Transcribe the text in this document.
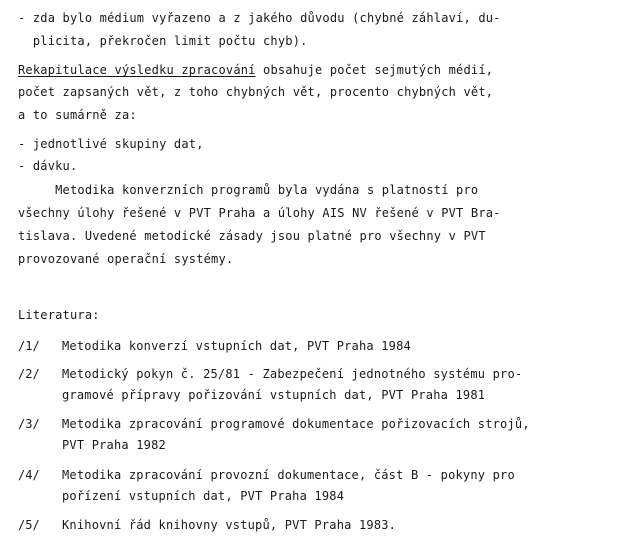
- zda bylo médium vyřazeno a z jakého důvodu (chybné záhlaví, du-
plicita, překročen limit počtu chyb).
Rekapitulace výsledku zpracování obsahuje počet sejmutých médií,
počet zapsaných vět, z toho chybných vět, procento chybných vět,
a to sumárně za:
- jednotlivé skupiny dat,
- dávku.
Metodika konverzních programů byla vydána s platností pro
všechny úlohy řešené v PVT Praha a úlohy AIS NV řešené v PVT Bra-
tislava. Uvedené metodické zásady jsou platné pro všechny v PVT
provozované operační systémy.
Literatura:
/1/ Metodika konverzí vstupních dat, PVT Praha 1984
/2/ Metodický pokyn č. 25/81 - Zabezpečení jednotného systému pro-
gramové přípravy pořizování vstupních dat, PVT Praha 1981
/3/ Metodika zpracování programové dokumentace pořizovacích strojů,
PVT Praha 1982
/4/ Metodika zpracování provozní dokumentace, část B - pokyny pro
pořízení vstupních dat, PVT Praha 1984
/5/ Knihovní řád knihovny vstupů, PVT Praha 1983.
